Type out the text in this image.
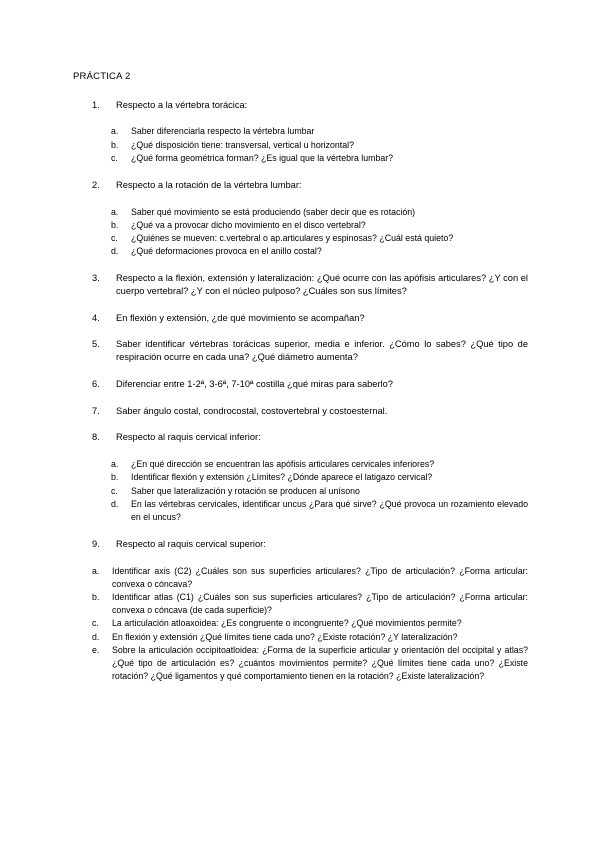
PRÁCTICA 2
1.	Respecto a la vértebra torácica:
a.	Saber diferenciarla respecto la vértebra lumbar
b.	¿Qué disposición tiene: transversal, vertical u horizontal?
c.	¿Qué forma geométrica forman? ¿Es igual que la vértebra lumbar?
2.	Respecto a la rotación de la vértebra lumbar:
a.	Saber qué movimiento se está produciendo (saber decir que es rotación)
b.	¿Qué va a provocar dicho movimiento en el disco vertebral?
c.	¿Quiénes se mueven: c.vertebral o ap.articulares y espinosas? ¿Cuál está quieto?
d.	¿Qué deformaciones provoca en el anillo costal?
3.	Respecto a la flexión, extensión y lateralización: ¿Qué ocurre con las apófisis articulares? ¿Y con el cuerpo vertebral? ¿Y con el núcleo pulposo? ¿Cuáles son sus límites?
4.	En flexión y extensión, ¿de qué movimiento se acompañan?
5.	Saber identificar vértebras torácicas superior, media e inferior. ¿Cómo lo sabes? ¿Qué tipo de respiración ocurre en cada una? ¿Qué diámetro aumenta?
6.	Diferenciar entre 1-2ª, 3-6ª, 7-10ª costilla ¿qué miras para saberlo?
7.	Saber ángulo costal, condrocostal, costovertebral y costoesternal.
8.	Respecto al raquis cervical inferior:
a.	¿En qué dirección se encuentran las apófisis articulares cervicales inferiores?
b.	Identificar flexión y extensión ¿Límites? ¿Dónde aparece el latigazo cervical?
c.	Saber que lateralización y rotación se producen al unísono
d.	En las vértebras cervicales, identificar uncus ¿Para qué sirve? ¿Qué provoca un rozamiento elevado en el uncus?
9.	Respecto al raquis cervical superior:
a.	Identificar axis (C2) ¿Cuáles son sus superficies articulares? ¿Tipo de articulación? ¿Forma articular: convexa o cóncava?
b.	Identificar atlas (C1) ¿Cuáles son sus superficies articulares? ¿Tipo de articulación? ¿Forma articular: convexa o cóncava (de cada superficie)?
c.	La articulación atloaxoidea: ¿Es congruente o incongruente? ¿Qué movimientos permite?
d.	En flexión y extensión ¿Qué límites tiene cada uno? ¿Existe rotación? ¿Y lateralización?
e.	Sobre la articulación occipitoatloidea: ¿Forma de la superficie articular y orientación del occipital y atlas? ¿Qué tipo de articulación es? ¿cuántos movimientos permite? ¿Qué límites tiene cada uno? ¿Existe rotación? ¿Qué ligamentos y qué comportamiento tienen en la rotación? ¿Existe lateralización?
